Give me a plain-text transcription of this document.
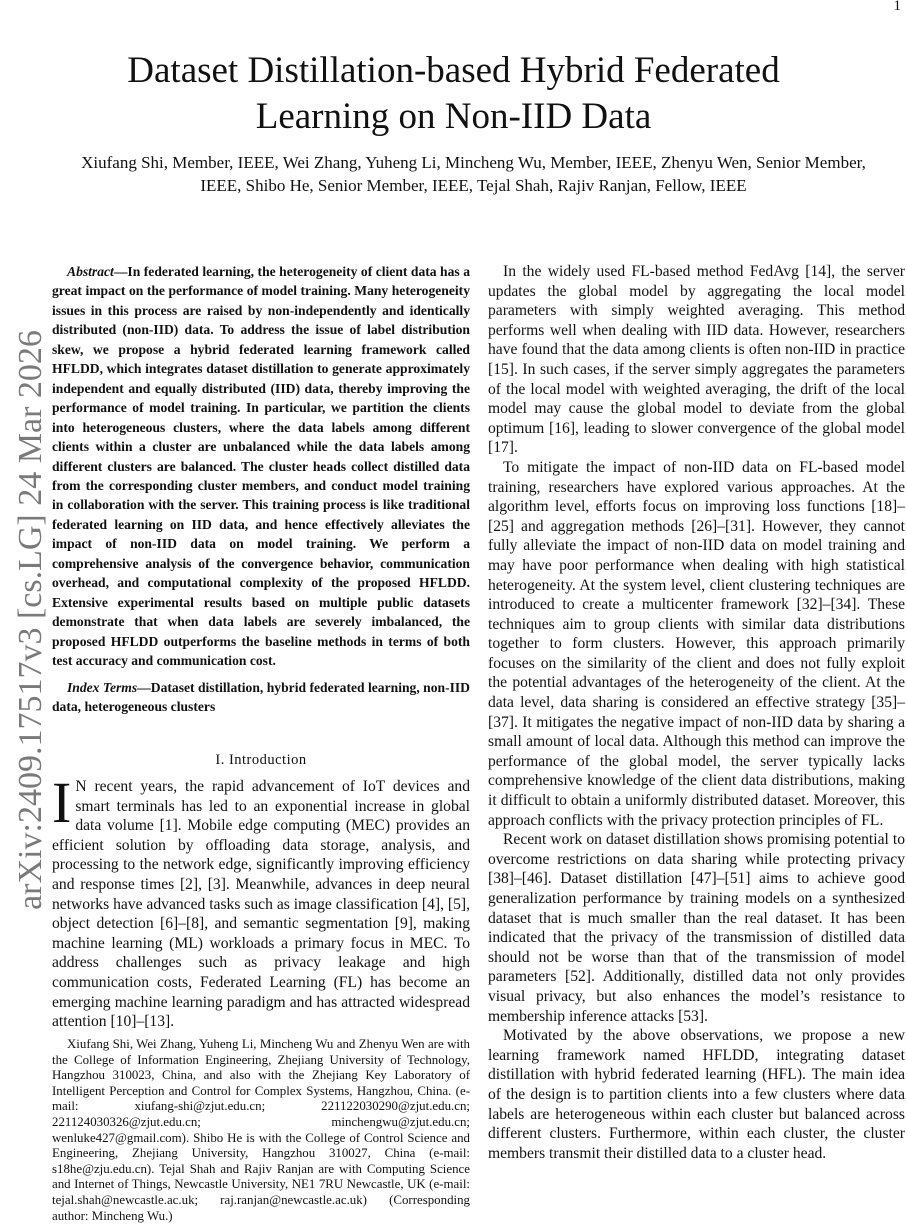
1
arXiv:2409.17517v3 [cs.LG] 24 Mar 2026
Dataset Distillation-based Hybrid Federated Learning on Non-IID Data
Xiufang Shi, Member, IEEE, Wei Zhang, Yuheng Li, Mincheng Wu, Member, IEEE, Zhenyu Wen, Senior Member, IEEE, Shibo He, Senior Member, IEEE, Tejal Shah, Rajiv Ranjan, Fellow, IEEE

Abstract—In federated learning, the heterogeneity of client data has a great impact on the performance of model training. Many heterogeneity issues in this process are raised by non-independently and identically distributed (non-IID) data. To address the issue of label distribution skew, we propose a hybrid federated learning framework called HFLDD, which integrates dataset distillation to generate approximately independent and equally distributed (IID) data, thereby improving the performance of model training. In particular, we partition the clients into heterogeneous clusters, where the data labels among different clients within a cluster are unbalanced while the data labels among different clusters are balanced. The cluster heads collect distilled data from the corresponding cluster members, and conduct model training in collaboration with the server. This training process is like traditional federated learning on IID data, and hence effectively alleviates the impact of non-IID data on model training. We perform a comprehensive analysis of the convergence behavior, communication overhead, and computational complexity of the proposed HFLDD. Extensive experimental results based on multiple public datasets demonstrate that when data labels are severely imbalanced, the proposed HFLDD outperforms the baseline methods in terms of both test accuracy and communication cost.

Index Terms—Dataset distillation, hybrid federated learning, non-IID data, heterogeneous clusters

I. Introduction

I N recent years, the rapid advancement of IoT devices and smart terminals has led to an exponential increase in global data volume [1]. Mobile edge computing (MEC) provides an efficient solution by offloading data storage, analysis, and processing to the network edge, significantly improving efficiency and response times [2], [3]. Meanwhile, advances in deep neural networks have advanced tasks such as image classification [4], [5], object detection [6]–[8], and semantic segmentation [9], making machine learning (ML) workloads a primary focus in MEC. To address challenges such as privacy leakage and high communication costs, Federated Learning (FL) has become an emerging machine learning paradigm and has attracted widespread attention [10]–[13].

Xiufang Shi, Wei Zhang, Yuheng Li, Mincheng Wu and Zhenyu Wen are with the College of Information Engineering, Zhejiang University of Technology, Hangzhou 310023, China, and also with the Zhejiang Key Laboratory of Intelligent Perception and Control for Complex Systems, Hangzhou, China. (e-mail: xiufang-shi@zjut.edu.cn; 221122030290@zjut.edu.cn; 221124030326@zjut.edu.cn; minchengwu@zjut.edu.cn; wenluke427@gmail.com). Shibo He is with the College of Control Science and Engineering, Zhejiang University, Hangzhou 310027, China (e-mail: s18he@zju.edu.cn). Tejal Shah and Rajiv Ranjan are with Computing Science and Internet of Things, Newcastle University, NE1 7RU Newcastle, UK (e-mail: tejal.shah@newcastle.ac.uk; raj.ranjan@newcastle.ac.uk) (Corresponding author: Mincheng Wu.)

In the widely used FL-based method FedAvg [14], the server updates the global model by aggregating the local model parameters with simply weighted averaging. This method performs well when dealing with IID data. However, researchers have found that the data among clients is often non-IID in practice [15]. In such cases, if the server simply aggregates the parameters of the local model with weighted averaging, the drift of the local model may cause the global model to deviate from the global optimum [16], leading to slower convergence of the global model [17].

To mitigate the impact of non-IID data on FL-based model training, researchers have explored various approaches. At the algorithm level, efforts focus on improving loss functions [18]–[25] and aggregation methods [26]–[31]. However, they cannot fully alleviate the impact of non-IID data on model training and may have poor performance when dealing with high statistical heterogeneity. At the system level, client clustering techniques are introduced to create a multicenter framework [32]–[34]. These techniques aim to group clients with similar data distributions together to form clusters. However, this approach primarily focuses on the similarity of the client and does not fully exploit the potential advantages of the heterogeneity of the client. At the data level, data sharing is considered an effective strategy [35]–[37]. It mitigates the negative impact of non-IID data by sharing a small amount of local data. Although this method can improve the performance of the global model, the server typically lacks comprehensive knowledge of the client data distributions, making it difficult to obtain a uniformly distributed dataset. Moreover, this approach conflicts with the privacy protection principles of FL.

Recent work on dataset distillation shows promising potential to overcome restrictions on data sharing while protecting privacy [38]–[46]. Dataset distillation [47]–[51] aims to achieve good generalization performance by training models on a synthesized dataset that is much smaller than the real dataset. It has been indicated that the privacy of the transmission of distilled data should not be worse than that of the transmission of model parameters [52]. Additionally, distilled data not only provides visual privacy, but also enhances the model’s resistance to membership inference attacks [53].

Motivated by the above observations, we propose a new learning framework named HFLDD, integrating dataset distillation with hybrid federated learning (HFL). The main idea of the design is to partition clients into a few clusters where data labels are heterogeneous within each cluster but balanced across different clusters. Furthermore, within each cluster, the cluster members transmit their distilled data to a cluster head.
